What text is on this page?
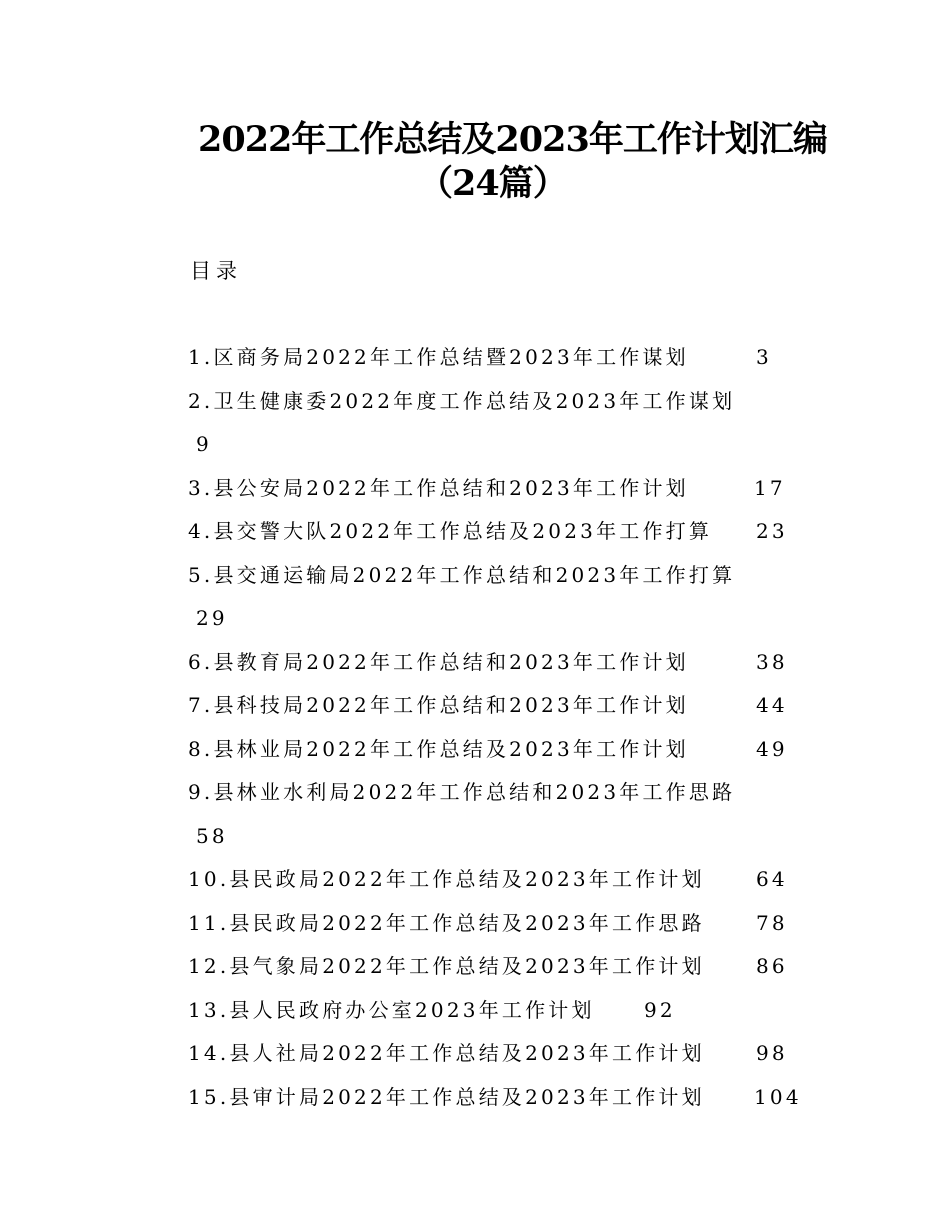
2022年工作总结及2023年工作计划汇编
（24篇）
目录
1.区商务局2022年工作总结暨2023年工作谋划	3
2.卫生健康委2022年度工作总结及2023年工作谋划
9
3.县公安局2022年工作总结和2023年工作计划	17
4.县交警大队2022年工作总结及2023年工作打算 23
5.县交通运输局2022年工作总结和2023年工作打算
29
6.县教育局2022年工作总结和2023年工作计划	38
7.县科技局2022年工作总结和2023年工作计划	44
8.县林业局2022年工作总结及2023年工作计划	49
9.县林业水利局2022年工作总结和2023年工作思路
58
10.县民政局2022年工作总结及2023年工作计划	64
11.县民政局2022年工作总结及2023年工作思路	78
12.县气象局2022年工作总结及2023年工作计划	86
13.县人民政府办公室2023年工作计划 92
14.县人社局2022年工作总结及2023年工作计划	98
15.县审计局2022年工作总结及2023年工作计划 104
